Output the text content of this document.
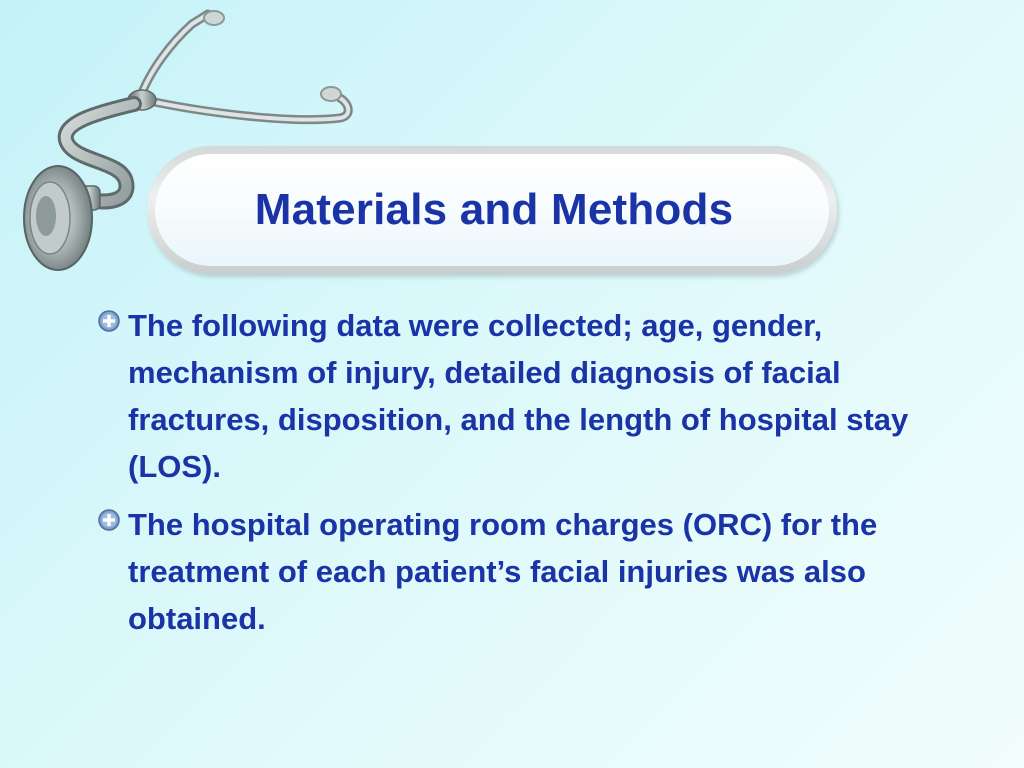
Materials and Methods
The following data were collected; age, gender, mechanism of injury, detailed diagnosis of facial fractures, disposition, and the length of hospital stay (LOS).
The hospital operating room charges (ORC) for the treatment of each patient’s facial injuries was also obtained.
